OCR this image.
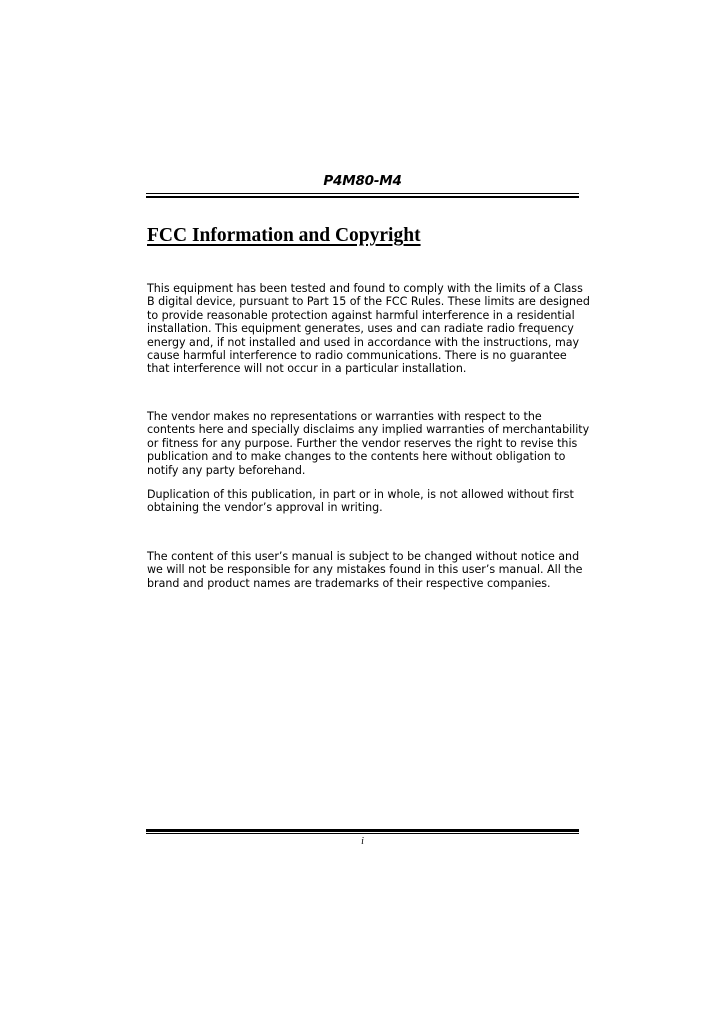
P4M80-M4
FCC Information and Copyright

This equipment has been tested and found to comply with the limits of a Class
B digital device, pursuant to Part 15 of the FCC Rules. These limits are designed
to provide reasonable protection against harmful interference in a residential
installation. This equipment generates, uses and can radiate radio frequency
energy and, if not installed and used in accordance with the instructions, may
cause harmful interference to radio communications. There is no guarantee
that interference will not occur in a particular installation.

The vendor makes no representations or warranties with respect to the
contents here and specially disclaims any implied warranties of merchantability
or fitness for any purpose. Further the vendor reserves the right to revise this
publication and to make changes to the contents here without obligation to
notify any party beforehand.

Duplication of this publication, in part or in whole, is not allowed without first
obtaining the vendor’s approval in writing.

The content of this user’s manual is subject to be changed without notice and
we will not be responsible for any mistakes found in this user’s manual. All the
brand and product names are trademarks of their respective companies.

i
